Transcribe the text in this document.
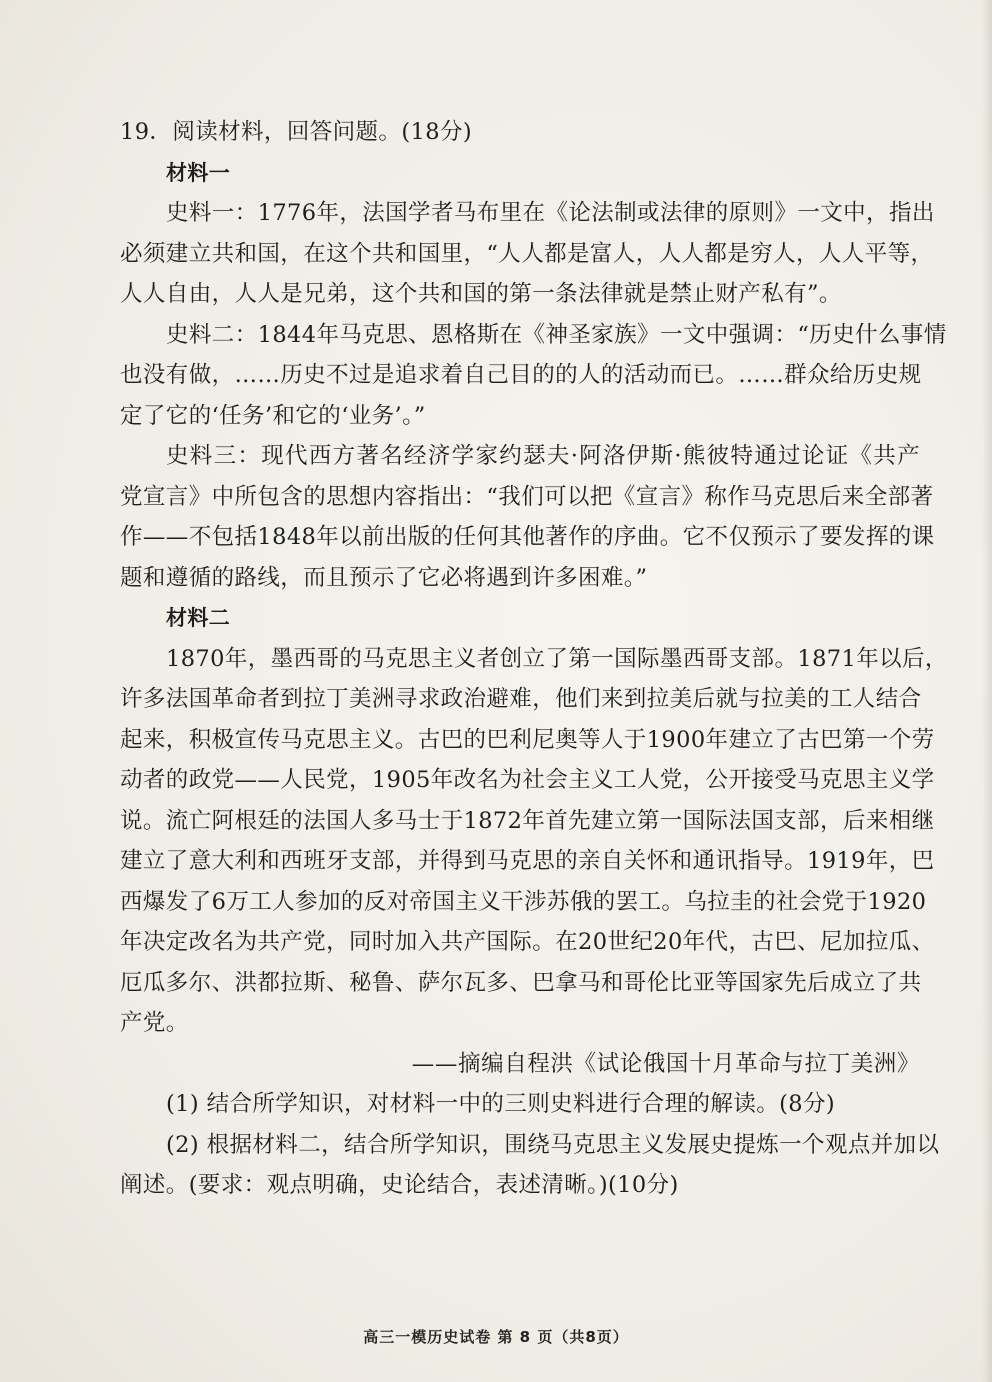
19．阅读材料，回答问题。(18分)
材料一
史料一：1776年，法国学者马布里在《论法制或法律的原则》一文中，指出
必须建立共和国，在这个共和国里，“人人都是富人，人人都是穷人，人人平等，
人人自由，人人是兄弟，这个共和国的第一条法律就是禁止财产私有”。
史料二：1844年马克思、恩格斯在《神圣家族》一文中强调：“历史什么事情
也没有做，……历史不过是追求着自己目的的人的活动而已。……群众给历史规
定了它的‘任务’和它的‘业务’。”
史料三：现代西方著名经济学家约瑟夫·阿洛伊斯·熊彼特通过论证《共产
党宣言》中所包含的思想内容指出：“我们可以把《宣言》称作马克思后来全部著
作——不包括1848年以前出版的任何其他著作的序曲。它不仅预示了要发挥的课
题和遵循的路线，而且预示了它必将遇到许多困难。”
材料二
1870年，墨西哥的马克思主义者创立了第一国际墨西哥支部。1871年以后，
许多法国革命者到拉丁美洲寻求政治避难，他们来到拉美后就与拉美的工人结合
起来，积极宣传马克思主义。古巴的巴利尼奥等人于1900年建立了古巴第一个劳
动者的政党——人民党，1905年改名为社会主义工人党，公开接受马克思主义学
说。流亡阿根廷的法国人多马士于1872年首先建立第一国际法国支部，后来相继
建立了意大利和西班牙支部，并得到马克思的亲自关怀和通讯指导。1919年，巴
西爆发了6万工人参加的反对帝国主义干涉苏俄的罢工。乌拉圭的社会党于1920
年决定改名为共产党，同时加入共产国际。在20世纪20年代，古巴、尼加拉瓜、
厄瓜多尔、洪都拉斯、秘鲁、萨尔瓦多、巴拿马和哥伦比亚等国家先后成立了共
产党。
——摘编自程洪《试论俄国十月革命与拉丁美洲》
(1) 结合所学知识，对材料一中的三则史料进行合理的解读。(8分)
(2) 根据材料二，结合所学知识，围绕马克思主义发展史提炼一个观点并加以
阐述。(要求：观点明确，史论结合，表述清晰。)(10分)
高三一模历史试卷 第 8 页（共8页）
